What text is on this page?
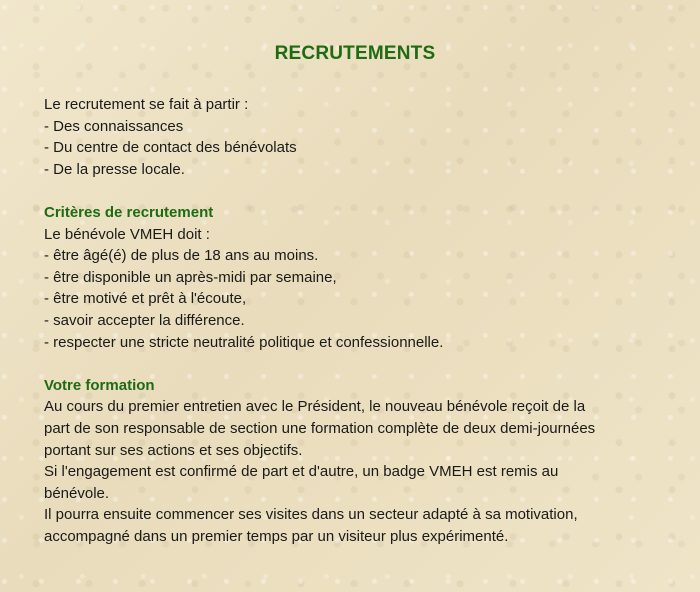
RECRUTEMENTS
Le recrutement se fait à partir :
- Des connaissances
- Du centre de contact des bénévolats
- De la presse locale.
Critères de recrutement
Le bénévole VMEH doit :
- être âgé(é) de plus de 18 ans au moins.
- être disponible un après-midi par semaine,
- être motivé et prêt à l'écoute,
- savoir accepter la différence.
- respecter une stricte neutralité politique et confessionnelle.
Votre formation
Au cours du premier entretien avec le Président, le nouveau bénévole reçoit de la
part de son responsable de section une formation complète de deux demi-journées
portant sur ses actions et ses objectifs.
Si l'engagement est confirmé de part et d'autre, un badge VMEH est remis au
bénévole.
Il pourra ensuite commencer ses visites dans un secteur adapté à sa motivation,
accompagné dans un premier temps par un visiteur plus expérimenté.
